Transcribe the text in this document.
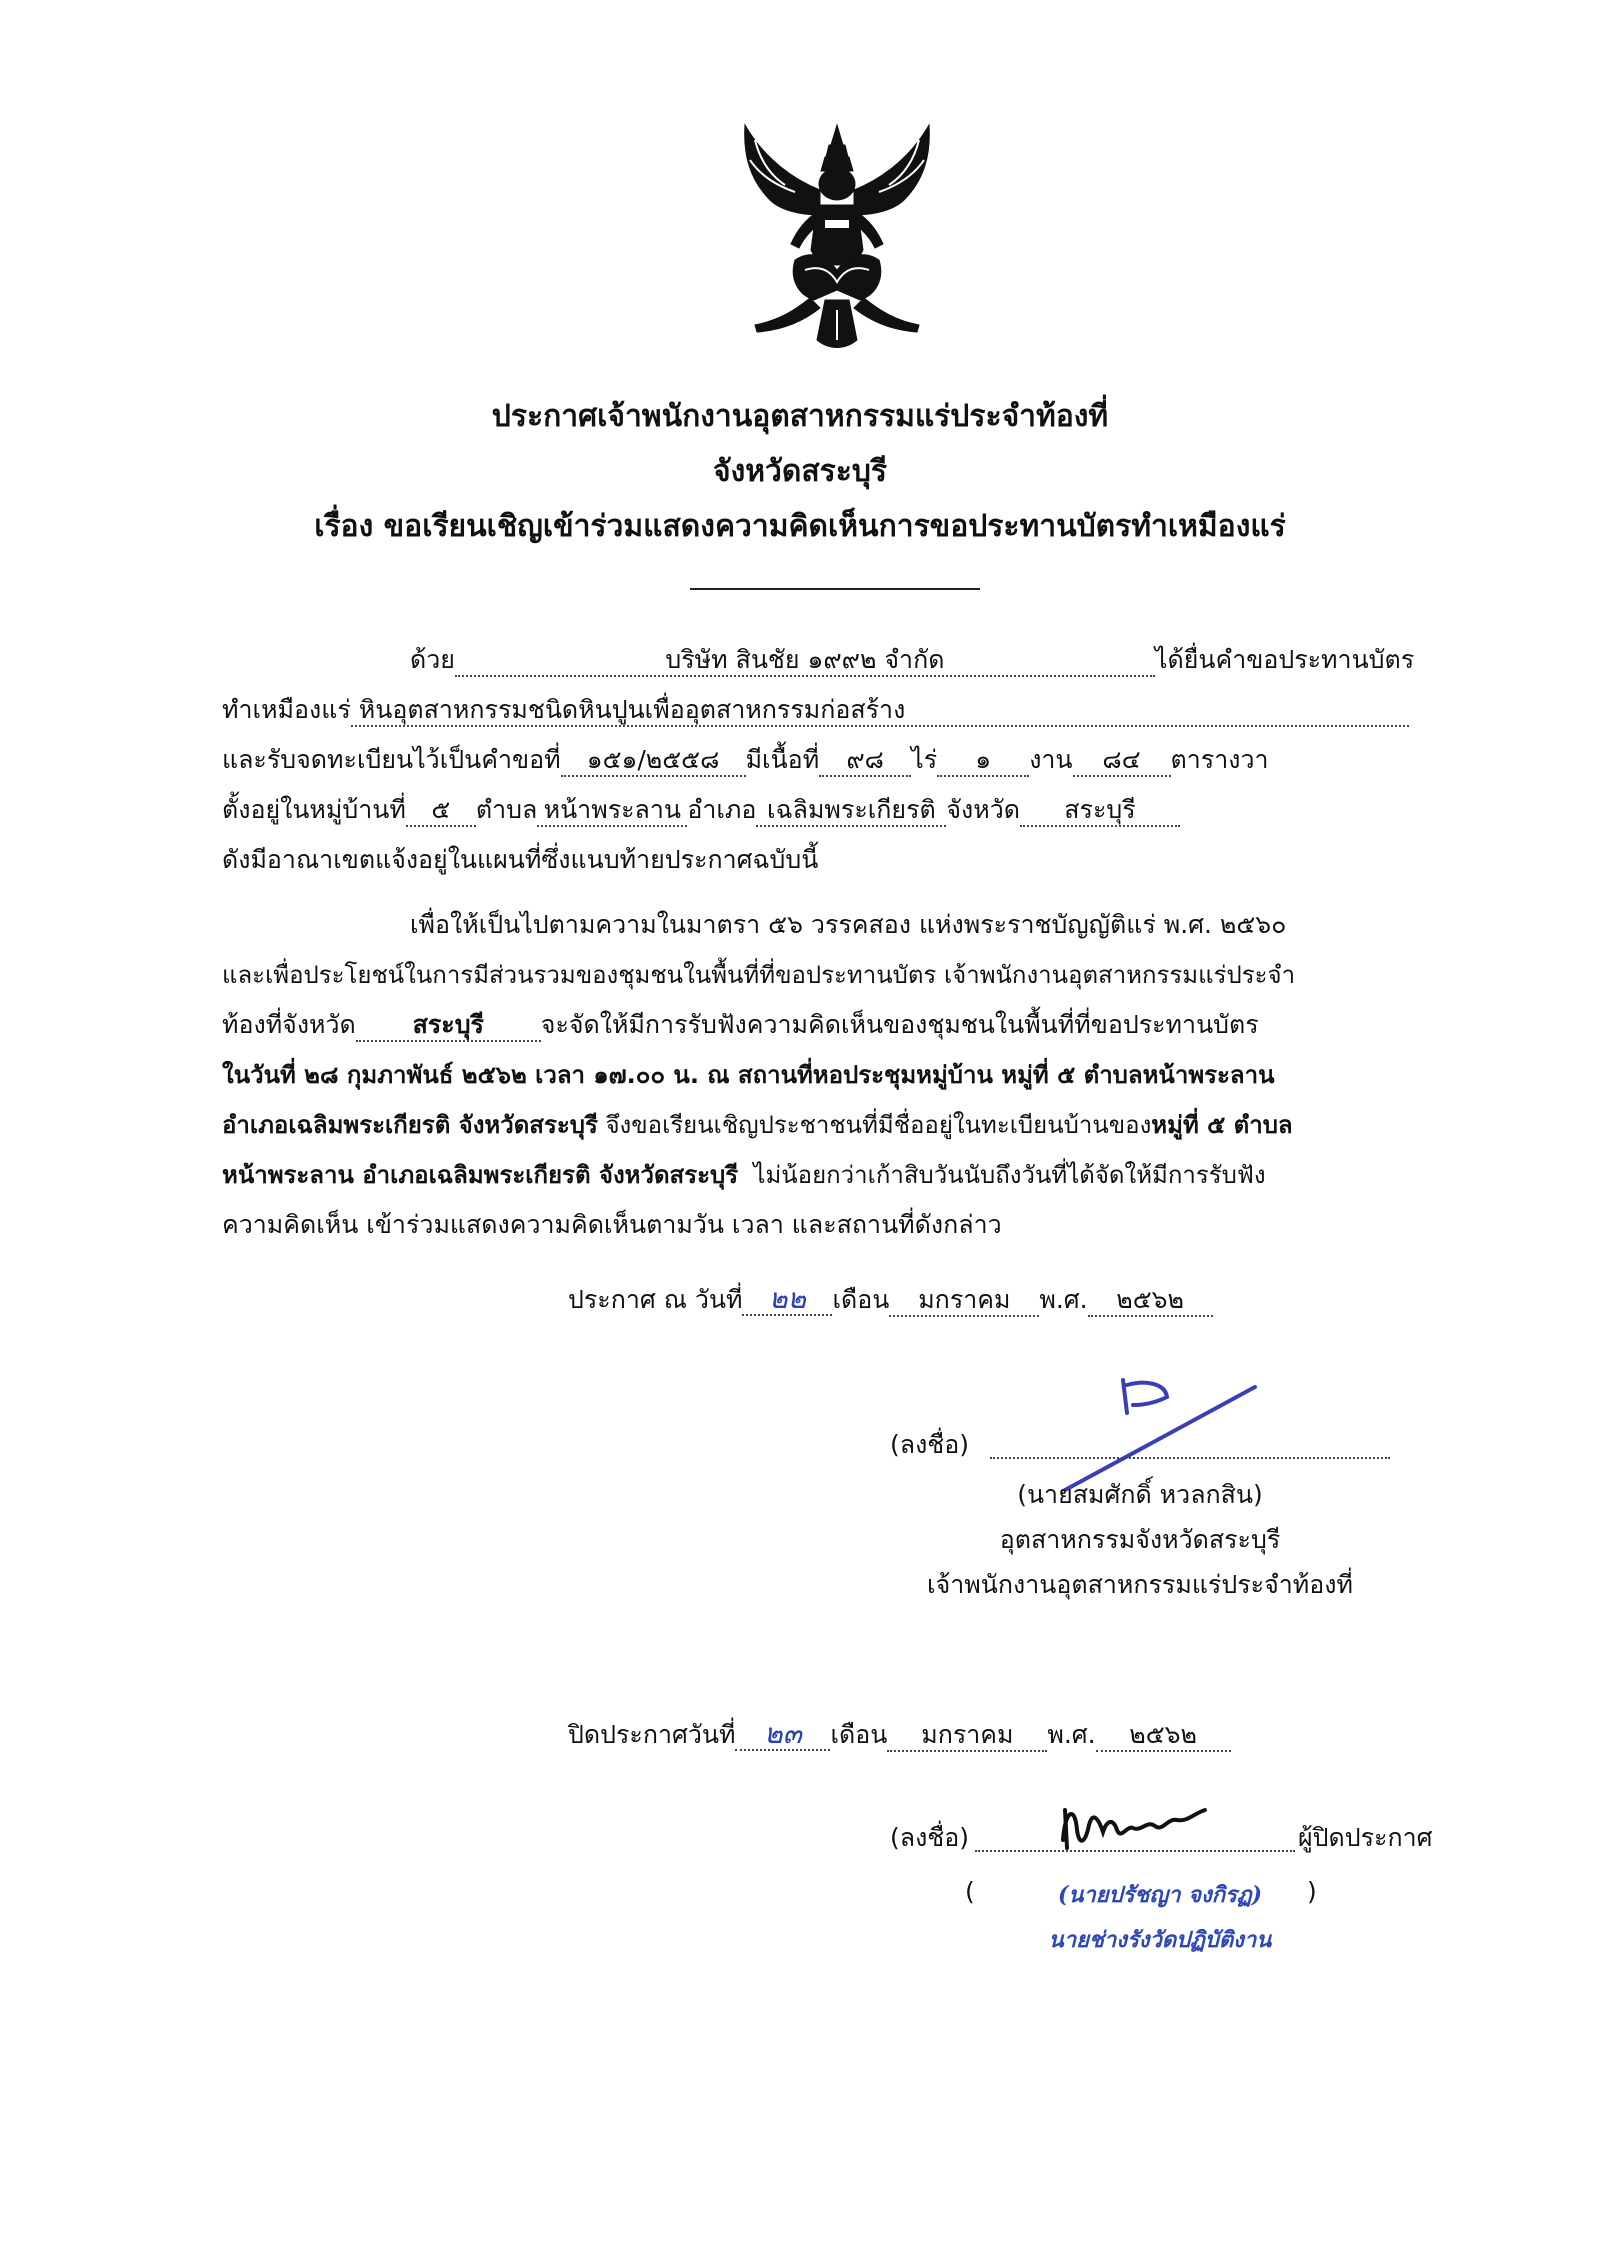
ประกาศเจ้าพนักงานอุตสาหกรรมแร่ประจำท้องที่
จังหวัดสระบุรี
เรื่อง ขอเรียนเชิญเข้าร่วมแสดงความคิดเห็นการขอประทานบัตรทำเหมืองแร่
ด้วย	บริษัท สินชัย ๑๙๙๒ จำกัด	ได้ยื่นคำขอประทานบัตร
ทำเหมืองแร่ หินอุตสาหกรรมชนิดหินปูนเพื่ออุตสาหกรรมก่อสร้าง
และรับจดทะเบียนไว้เป็นคำขอที่ ๑๕๑/๒๕๕๘ มีเนื้อที่ ๙๘ ไร่ ๑ งาน ๘๔ ตารางวา
ตั้งอยู่ในหมู่บ้านที่ ๕ ตำบล หน้าพระลาน อำเภอ เฉลิมพระเกียรติ จังหวัด สระบุรี
ดังมีอาณาเขตแจ้งอยู่ในแผนที่ซึ่งแนบท้ายประกาศฉบับนี้
เพื่อให้เป็นไปตามความในมาตรา ๕๖ วรรคสอง แห่งพระราชบัญญัติแร่ พ.ศ. ๒๕๖๐
และเพื่อประโยชน์ในการมีส่วนรวมของชุมชนในพื้นที่ที่ขอประทานบัตร เจ้าพนักงานอุตสาหกรรมแร่ประจำ
ท้องที่จังหวัด สระบุรี จะจัดให้มีการรับฟังความคิดเห็นของชุมชนในพื้นที่ที่ขอประทานบัตร
ในวันที่ ๒๘ กุมภาพันธ์ ๒๕๖๒ เวลา ๑๗.๐๐ น. ณ สถานที่หอประชุมหมู่บ้าน หมู่ที่ ๕ ตำบลหน้าพระลาน
อำเภอเฉลิมพระเกียรติ จังหวัดสระบุรี จึงขอเรียนเชิญประชาชนที่มีชื่ออยู่ในทะเบียนบ้านของหมู่ที่ ๕ ตำบล
หน้าพระลาน อำเภอเฉลิมพระเกียรติ จังหวัดสระบุรี ไม่น้อยกว่าเก้าสิบวันนับถึงวันที่ได้จัดให้มีการรับฟัง
ความคิดเห็น เข้าร่วมแสดงความคิดเห็นตามวัน เวลา และสถานที่ดังกล่าว
ประกาศ ณ วันที่ ๒๒ เดือน มกราคม พ.ศ. ๒๕๖๒
(ลงชื่อ)
(นายสมศักดิ์ หวลกสิน)
อุตสาหกรรมจังหวัดสระบุรี
เจ้าพนักงานอุตสาหกรรมแร่ประจำท้องที่
ปิดประกาศวันที่ ๒๓ เดือน มกราคม พ.ศ. ๒๕๖๒
(ลงชื่อ)	ผู้ปิดประกาศ
(	(นายปรัชญา จงกิรฏ)	)
นายช่างรังวัดปฏิบัติงาน
